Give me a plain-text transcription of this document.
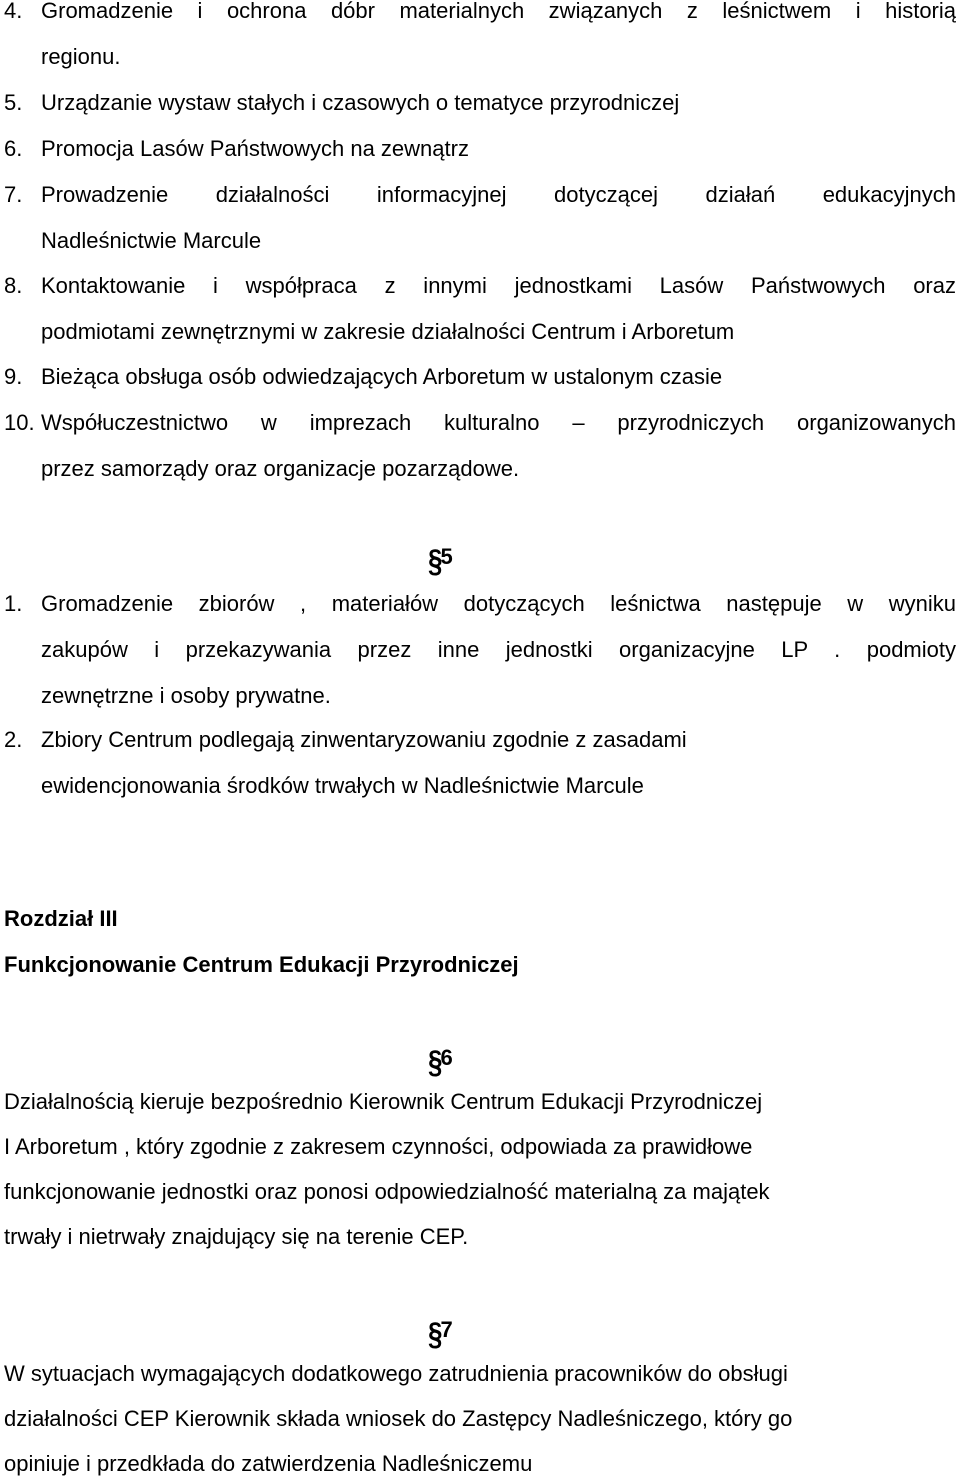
4. Gromadzenie i ochrona dóbr materialnych związanych z leśnictwem i historią
regionu.
5. Urządzanie wystaw stałych i czasowych o tematyce przyrodniczej
6. Promocja Lasów Państwowych na zewnątrz
7. Prowadzenie działalności informacyjnej dotyczącej działań edukacyjnych
Nadleśnictwie Marcule
8. Kontaktowanie i współpraca z innymi jednostkami Lasów Państwowych oraz
podmiotami zewnętrznymi w zakresie działalności Centrum i Arboretum
9. Bieżąca obsługa osób odwiedzających Arboretum w ustalonym czasie
10. Współuczestnictwo w imprezach kulturalno – przyrodniczych organizowanych
przez samorządy oraz organizacje pozarządowe.
§5
1. Gromadzenie zbiorów , materiałów dotyczących leśnictwa następuje w wyniku
zakupów i przekazywania przez inne jednostki organizacyjne LP . podmioty
zewnętrzne i osoby prywatne.
2. Zbiory Centrum podlegają zinwentaryzowaniu zgodnie z zasadami
ewidencjonowania środków trwałych w Nadleśnictwie Marcule
Rozdział III
Funkcjonowanie Centrum Edukacji Przyrodniczej
§6
Działalnością kieruje bezpośrednio Kierownik Centrum Edukacji Przyrodniczej
I Arboretum , który zgodnie z zakresem czynności, odpowiada za prawidłowe
funkcjonowanie jednostki oraz ponosi odpowiedzialność materialną za majątek
trwały i nietrwały znajdujący się na terenie CEP.
§7
W sytuacjach wymagających dodatkowego zatrudnienia pracowników do obsługi
działalności CEP Kierownik składa wniosek do Zastępcy Nadleśniczego, który go
opiniuje i przedkłada do zatwierdzenia Nadleśniczemu
